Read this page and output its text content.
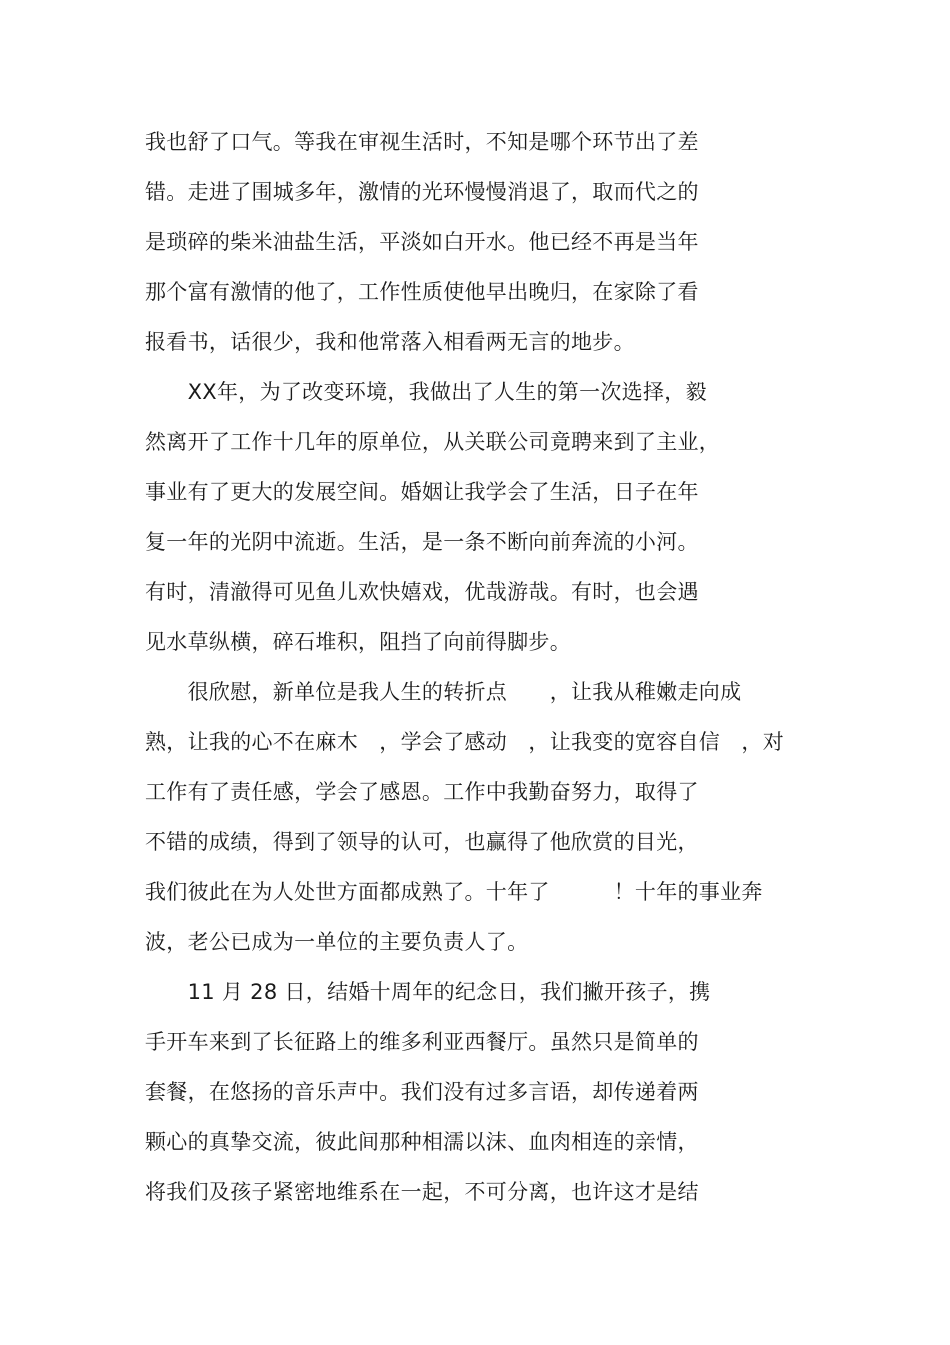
我也舒了口气。等我在审视生活时，不知是哪个环节出了差
错。走进了围城多年，激情的光环慢慢消退了，取而代之的
是琐碎的柴米油盐生活，平淡如白开水。他已经不再是当年
那个富有激情的他了，工作性质使他早出晚归，在家除了看
报看书，话很少，我和他常落入相看两无言的地步。
　　XX年，为了改变环境，我做出了人生的第一次选择，毅
然离开了工作十几年的原单位，从关联公司竟聘来到了主业，
事业有了更大的发展空间。婚姻让我学会了生活，日子在年
复一年的光阴中流逝。生活，是一条不断向前奔流的小河。
有时，清澈得可见鱼儿欢快嬉戏，优哉游哉。有时，也会遇
见水草纵横，碎石堆积，阻挡了向前得脚步。
　　很欣慰，新单位是我人生的转折点　　，让我从稚嫩走向成
熟，让我的心不在麻木　，学会了感动　，让我变的宽容自信　，对
工作有了责任感，学会了感恩。工作中我勤奋努力，取得了
不错的成绩，得到了领导的认可，也赢得了他欣赏的目光，
我们彼此在为人处世方面都成熟了。十年了　　　！十年的事业奔
波，老公已成为一单位的主要负责人了。
　　11 月 28 日，结婚十周年的纪念日，我们撇开孩子，携
手开车来到了长征路上的维多利亚西餐厅。虽然只是简单的
套餐，在悠扬的音乐声中。我们没有过多言语，却传递着两
颗心的真挚交流，彼此间那种相濡以沫、血肉相连的亲情，
将我们及孩子紧密地维系在一起，不可分离，也许这才是结
